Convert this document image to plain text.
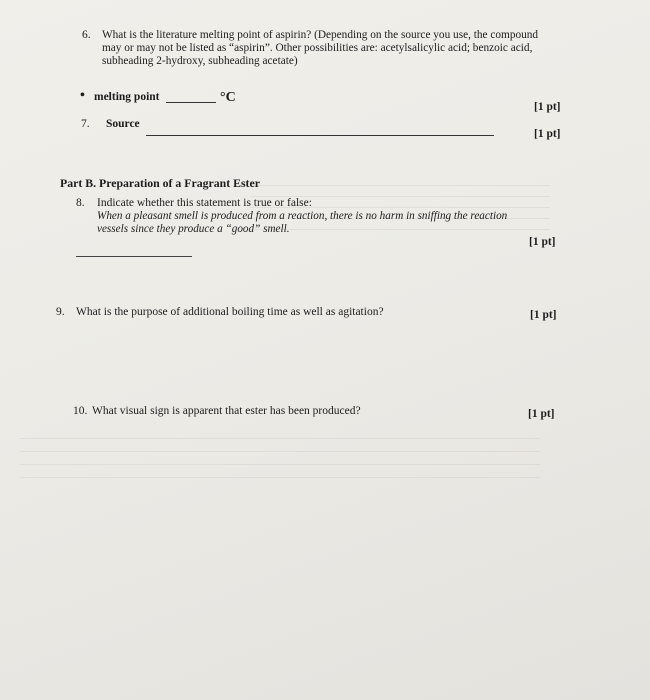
6. What is the literature melting point of aspirin? (Depending on the source you use, the compound
may or may not be listed as “aspirin”. Other possibilities are: acetylsalicylic acid; benzoic acid,
subheading 2-hydroxy, subheading acetate)
• melting point	°C
[1 pt]
7. Source
[1 pt]
Part B. Preparation of a Fragrant Ester
8. Indicate whether this statement is true or false:
When a pleasant smell is produced from a reaction, there is no harm in sniffing the reaction
vessels since they produce a “good” smell.
[1 pt]
9. What is the purpose of additional boiling time as well as agitation?	[1 pt]
10. What visual sign is apparent that ester has been produced?	[1 pt]
